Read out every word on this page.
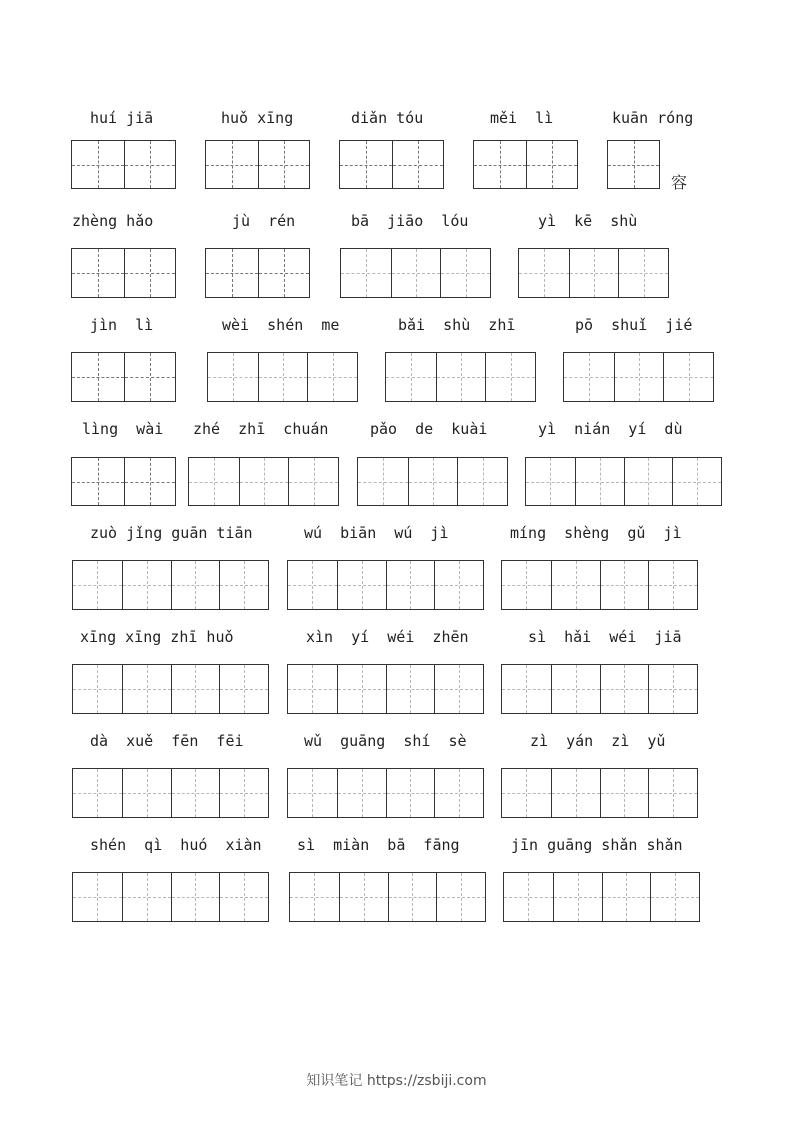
知识笔记 https://zsbiji.com
huí jiā	huǒ xīng	diǎn tóu	měi  lì	kuān róng
容
zhèng hǎo	jù  rén	bā  jiāo  lóu	yì  kē  shù
jìn  lì	wèi  shén  me	bǎi  shù  zhī	pō  shuǐ  jié
lìng  wài zhé  zhī  chuán	pǎo  de  kuài	yì  nián  yí  dù
zuò jǐng guān tiān	wú  biān  wú  jì	míng  shèng  gǔ  jì
xīng xīng zhī huǒ	xìn  yí  wéi  zhēn	sì  hǎi  wéi  jiā
dà  xuě  fēn  fēi	wǔ  guāng  shí  sè	zì  yán  zì  yǔ
shén  qì  huó  xiàn sì  miàn  bā  fāng	jīn guāng shǎn shǎn
